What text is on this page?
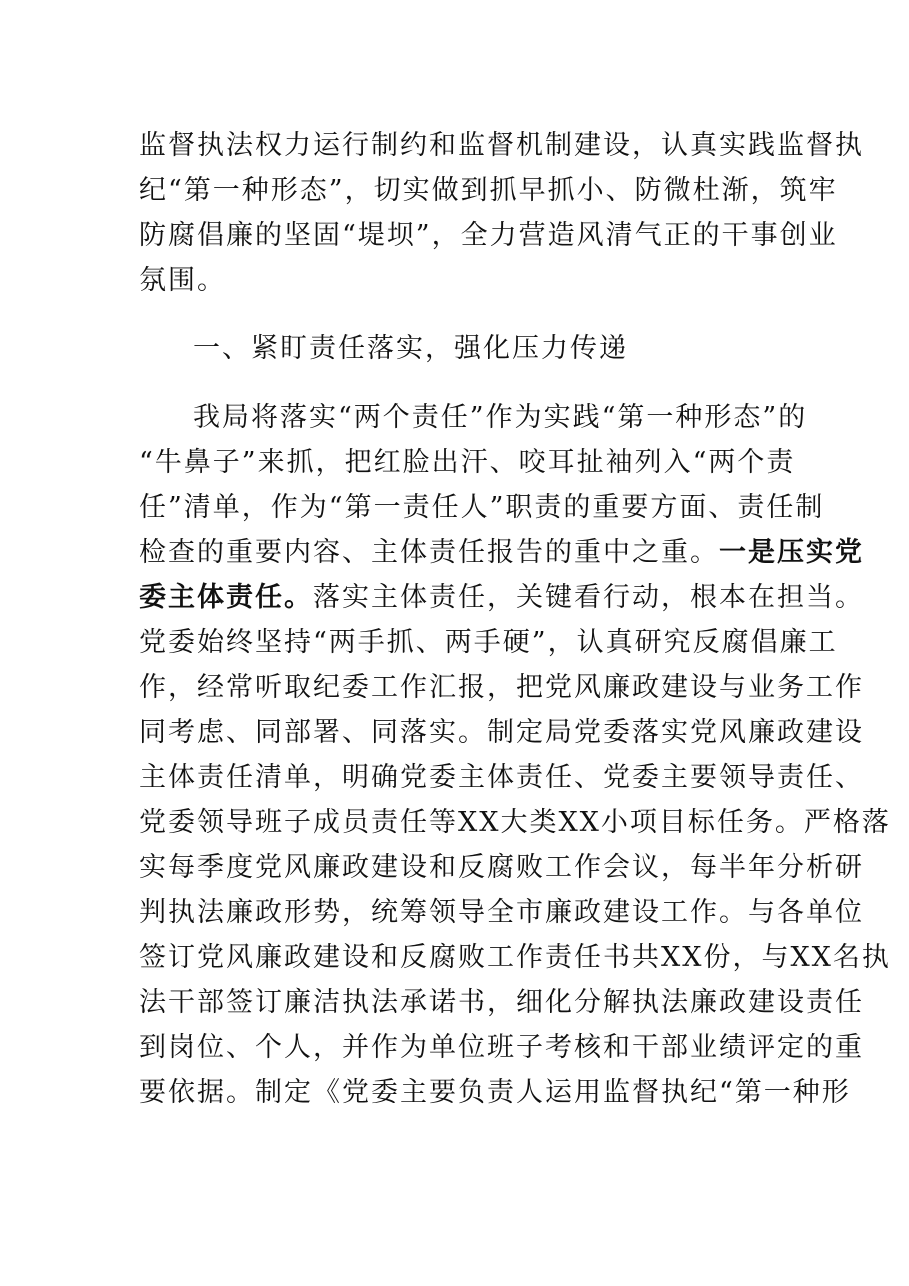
监督执法权力运行制约和监督机制建设，认真实践监督执
纪“第一种形态”，切实做到抓早抓小、防微杜渐，筑牢
防腐倡廉的坚固“堤坝”，全力营造风清气正的干事创业
氛围。
一、紧盯责任落实，强化压力传递
我局将落实“两个责任”作为实践“第一种形态”的
“牛鼻子”来抓，把红脸出汗、咬耳扯袖列入“两个责
任”清单，作为“第一责任人”职责的重要方面、责任制
检查的重要内容、主体责任报告的重中之重。一是压实党
委主体责任。落实主体责任，关键看行动，根本在担当。
党委始终坚持“两手抓、两手硬”，认真研究反腐倡廉工
作，经常听取纪委工作汇报，把党风廉政建设与业务工作
同考虑、同部署、同落实。制定局党委落实党风廉政建设
主体责任清单，明确党委主体责任、党委主要领导责任、
党委领导班子成员责任等XX大类XX小项目标任务。严格落
实每季度党风廉政建设和反腐败工作会议，每半年分析研
判执法廉政形势，统筹领导全市廉政建设工作。与各单位
签订党风廉政建设和反腐败工作责任书共XX份，与XX名执
法干部签订廉洁执法承诺书，细化分解执法廉政建设责任
到岗位、个人，并作为单位班子考核和干部业绩评定的重
要依据。制定《党委主要负责人运用监督执纪“第一种形
